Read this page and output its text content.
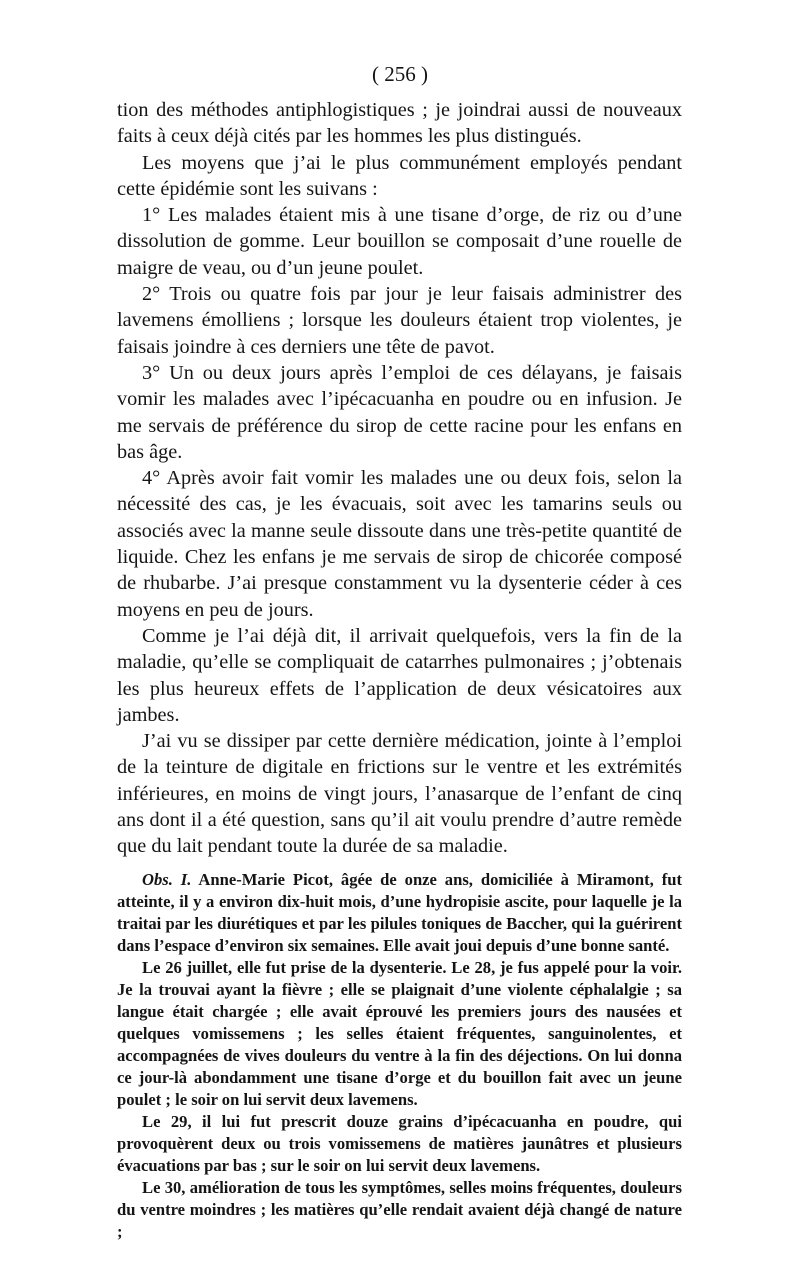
( 256 )

tion des méthodes antiphlogistiques ; je joindrai aussi de nouveaux faits à ceux déjà cités par les hommes les plus distingués.

Les moyens que j’ai le plus communément employés pendant cette épidémie sont les suivans :

1° Les malades étaient mis à une tisane d’orge, de riz ou d’une dissolution de gomme. Leur bouillon se composait d’une rouelle de maigre de veau, ou d’un jeune poulet.

2° Trois ou quatre fois par jour je leur faisais administrer des lavemens émolliens ; lorsque les douleurs étaient trop violentes, je faisais joindre à ces derniers une tête de pavot.

3° Un ou deux jours après l’emploi de ces délayans, je faisais vomir les malades avec l’ipécacuanha en poudre ou en infusion. Je me servais de préférence du sirop de cette racine pour les enfans en bas âge.

4° Après avoir fait vomir les malades une ou deux fois, selon la nécessité des cas, je les évacuais, soit avec les tamarins seuls ou associés avec la manne seule dissoute dans une très-petite quantité de liquide. Chez les enfans je me servais de sirop de chicorée composé de rhubarbe. J’ai presque constamment vu la dysenterie céder à ces moyens en peu de jours.

Comme je l’ai déjà dit, il arrivait quelquefois, vers la fin de la maladie, qu’elle se compliquait de catarrhes pulmonaires ; j’obtenais les plus heureux effets de l’application de deux vésicatoires aux jambes.

J’ai vu se dissiper par cette dernière médication, jointe à l’emploi de la teinture de digitale en frictions sur le ventre et les extrémités inférieures, en moins de vingt jours, l’anasarque de l’enfant de cinq ans dont il a été question, sans qu’il ait voulu prendre d’autre remède que du lait pendant toute la durée de sa maladie.

Obs. I. Anne-Marie Picot, âgée de onze ans, domiciliée à Miramont, fut atteinte, il y a environ dix-huit mois, d’une hydropisie ascite, pour laquelle je la traitai par les diurétiques et par les pilules toniques de Baccher, qui la guérirent dans l’espace d’environ six semaines. Elle avait joui depuis d’une bonne santé.

Le 26 juillet, elle fut prise de la dysenterie. Le 28, je fus appelé pour la voir. Je la trouvai ayant la fièvre ; elle se plaignait d’une violente céphalalgie ; sa langue était chargée ; elle avait éprouvé les premiers jours des nausées et quelques vomissemens ; les selles étaient fréquentes, sanguinolentes, et accompagnées de vives douleurs du ventre à la fin des déjections. On lui donna ce jour-là abondamment une tisane d’orge et du bouillon fait avec un jeune poulet ; le soir on lui servit deux lavemens.

Le 29, il lui fut prescrit douze grains d’ipécacuanha en poudre, qui provoquèrent deux ou trois vomissemens de matières jaunâtres et plusieurs évacuations par bas ; sur le soir on lui servit deux lavemens.

Le 30, amélioration de tous les symptômes, selles moins fréquentes, douleurs du ventre moindres ; les matières qu’elle rendait avaient déjà changé de nature ;
